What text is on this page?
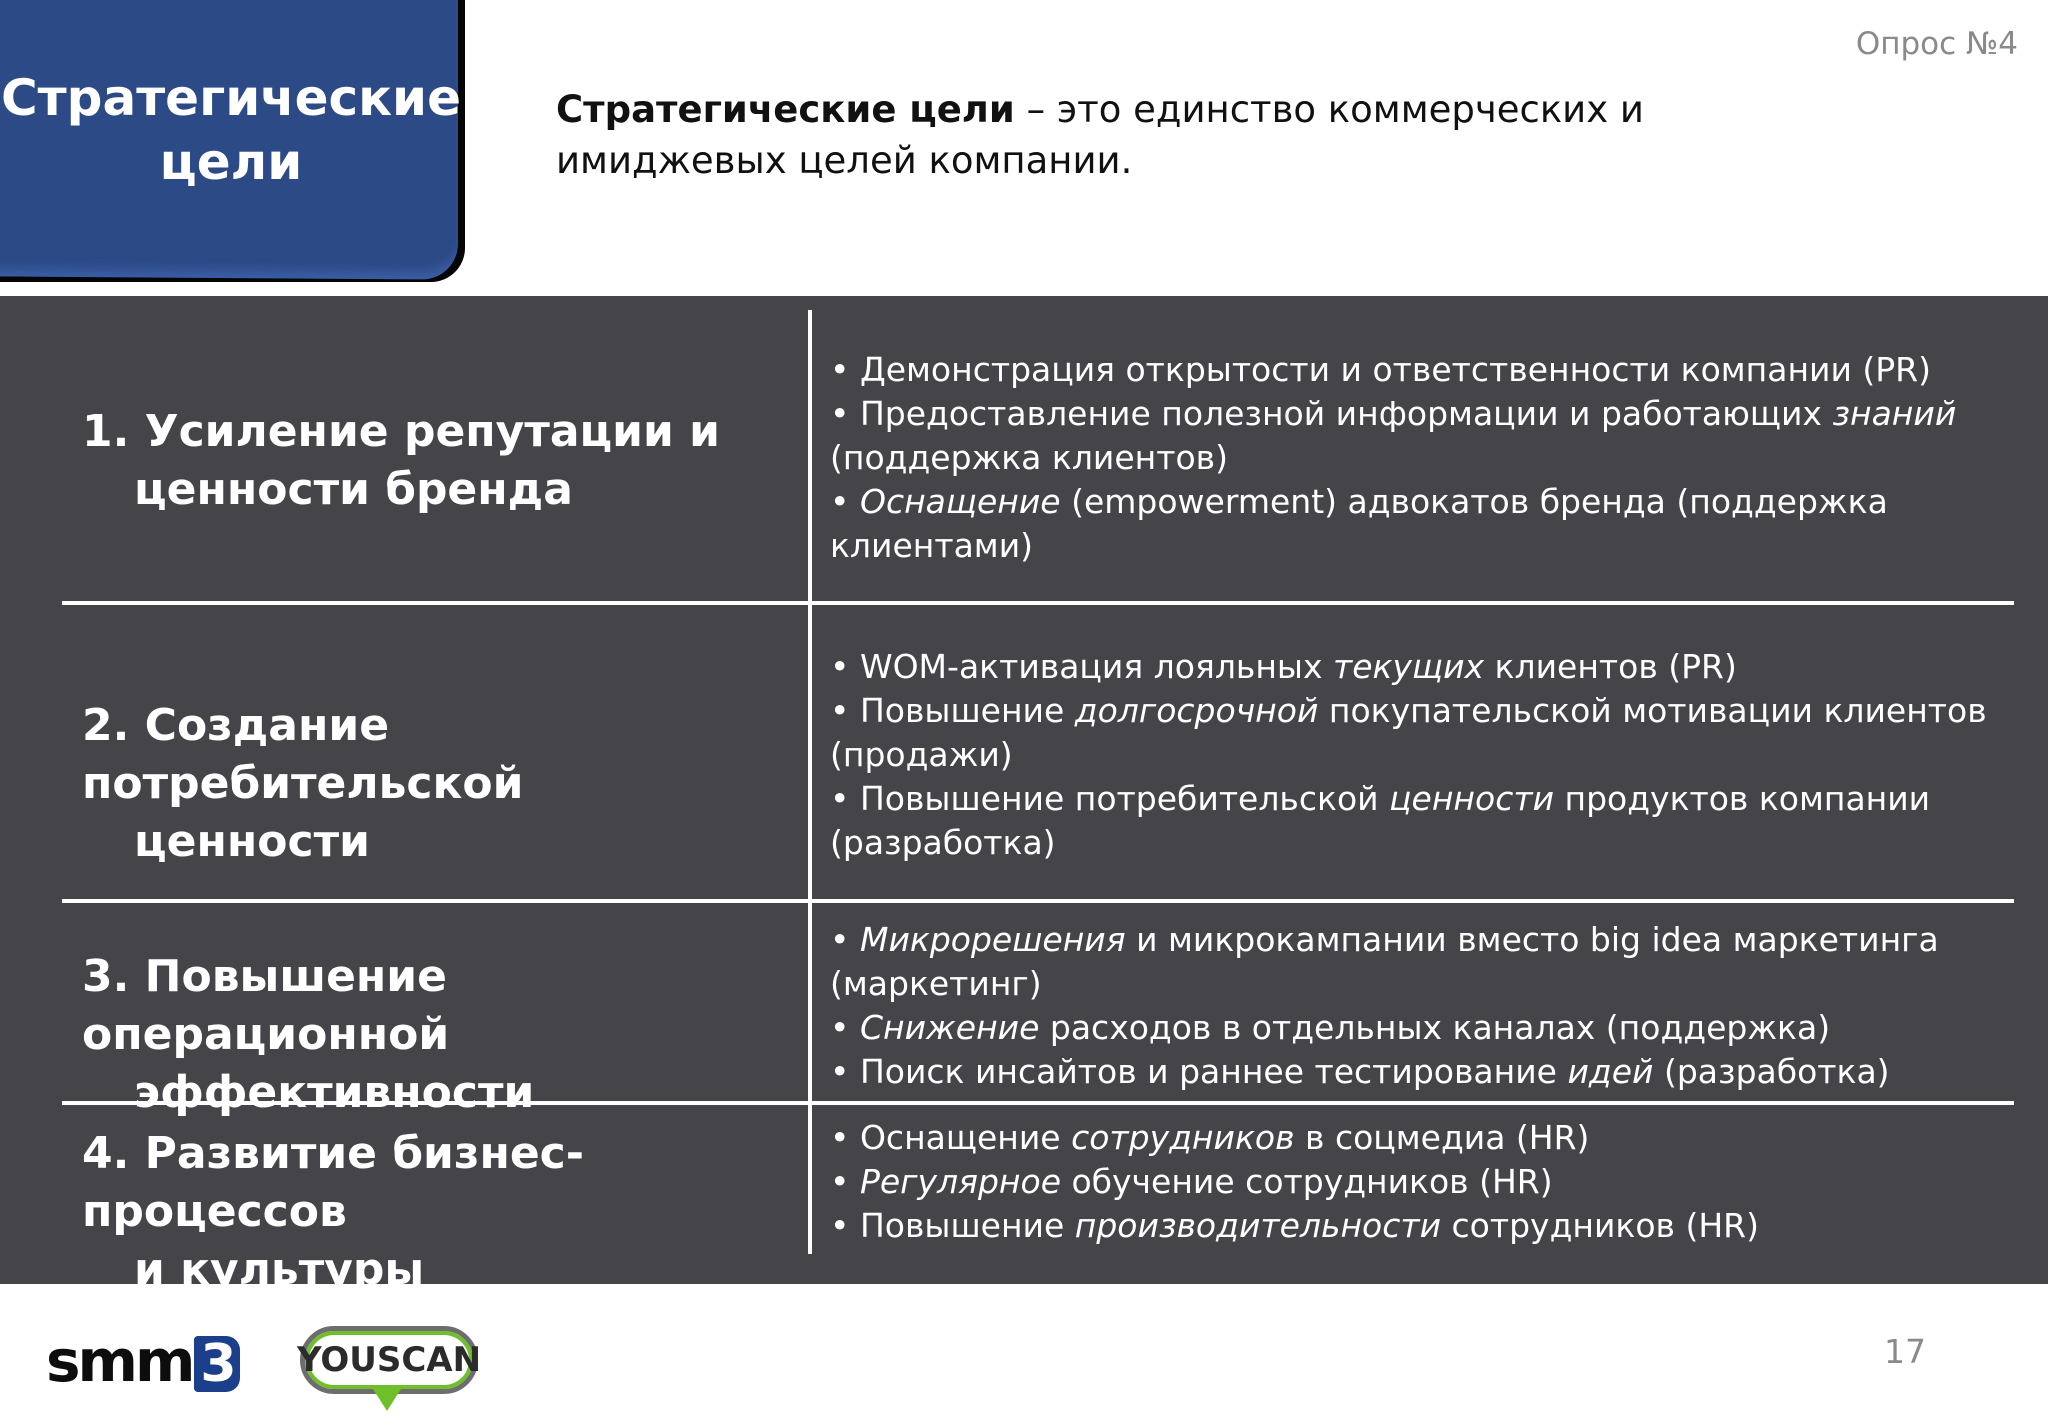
Стратегические
цели
Опрос №4
Стратегические цели – это единство коммерческих и имиджевых целей компании.
1. Усиление репутации и
ценности бренда

• Демонстрация открытости и ответственности компании (PR)

• Предоставление полезной информации и работающих знаний (поддержка клиентов)

• Оснащение (empowerment) адвокатов бренда (поддержка клиентами)

2. Создание потребительской
ценности

• WOM-активация лояльных текущих клиентов (PR)

• Повышение долгосрочной покупательской мотивации клиентов (продажи)

• Повышение потребительской ценности продуктов компании (разработка)

3. Повышение операционной
эффективности

• Микрорешения и микрокампании вместо big idea маркетинга (маркетинг)

• Снижение расходов в отдельных каналах (поддержка)

• Поиск инсайтов и раннее тестирование идей (разработка)

4. Развитие бизнес-процессов
и культуры

• Оснащение сотрудников в соцмедиа (HR)

• Регулярное обучение сотрудников (HR)

• Повышение производительности сотрудников (HR)

smm 3	YOUSCAN	17
